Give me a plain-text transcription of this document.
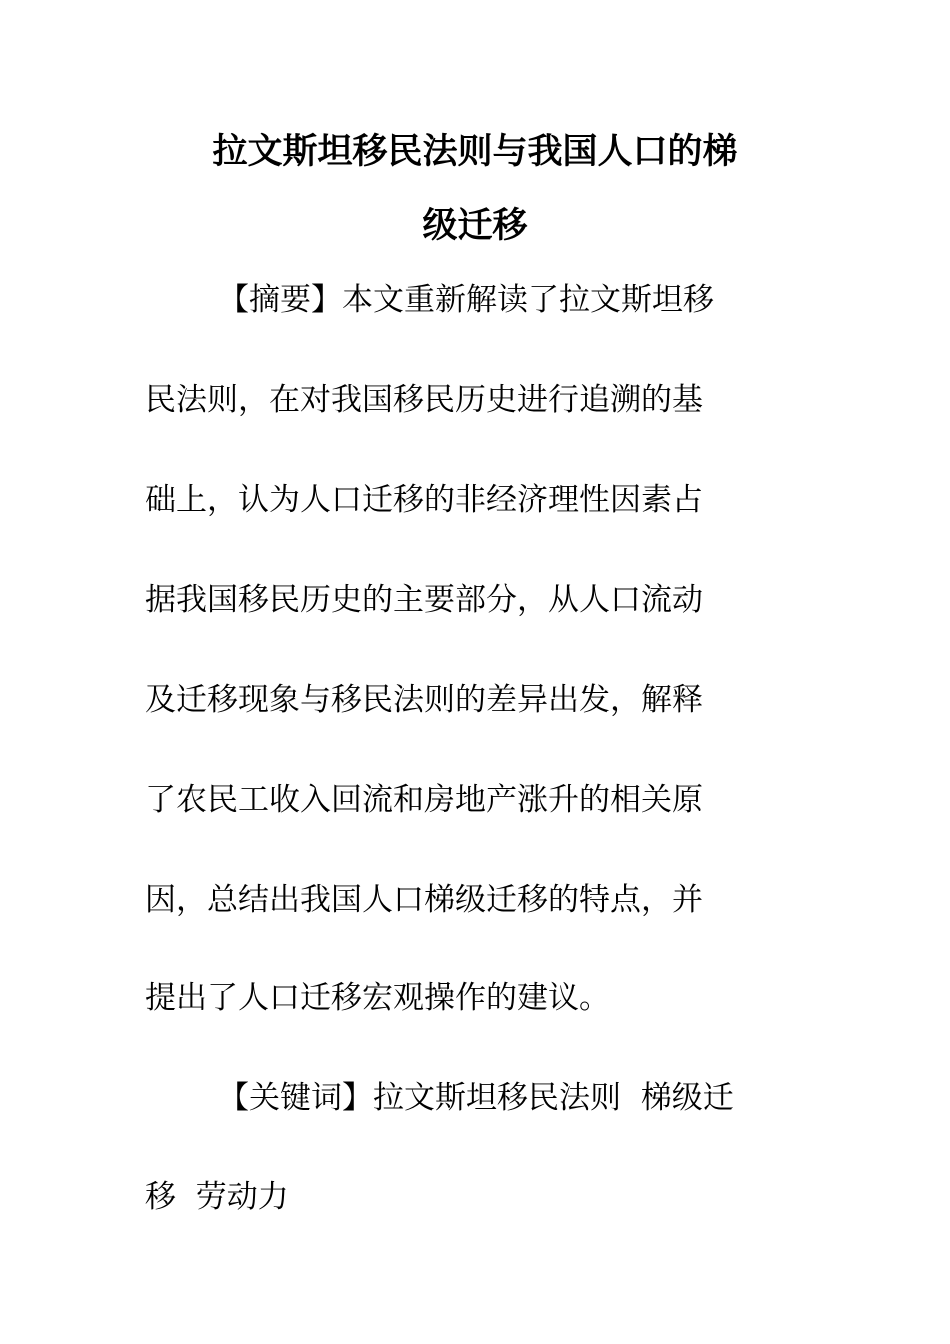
拉文斯坦移民法则与我国人口的梯
级迁移
【摘要】本文重新解读了拉文斯坦移
民法则，在对我国移民历史进行追溯的基
础上，认为人口迁移的非经济理性因素占
据我国移民历史的主要部分，从人口流动
及迁移现象与移民法则的差异出发，解释
了农民工收入回流和房地产涨升的相关原
因，总结出我国人口梯级迁移的特点，并
提出了人口迁移宏观操作的建议。
【关键词】拉文斯坦移民法则  梯级迁
移  劳动力
